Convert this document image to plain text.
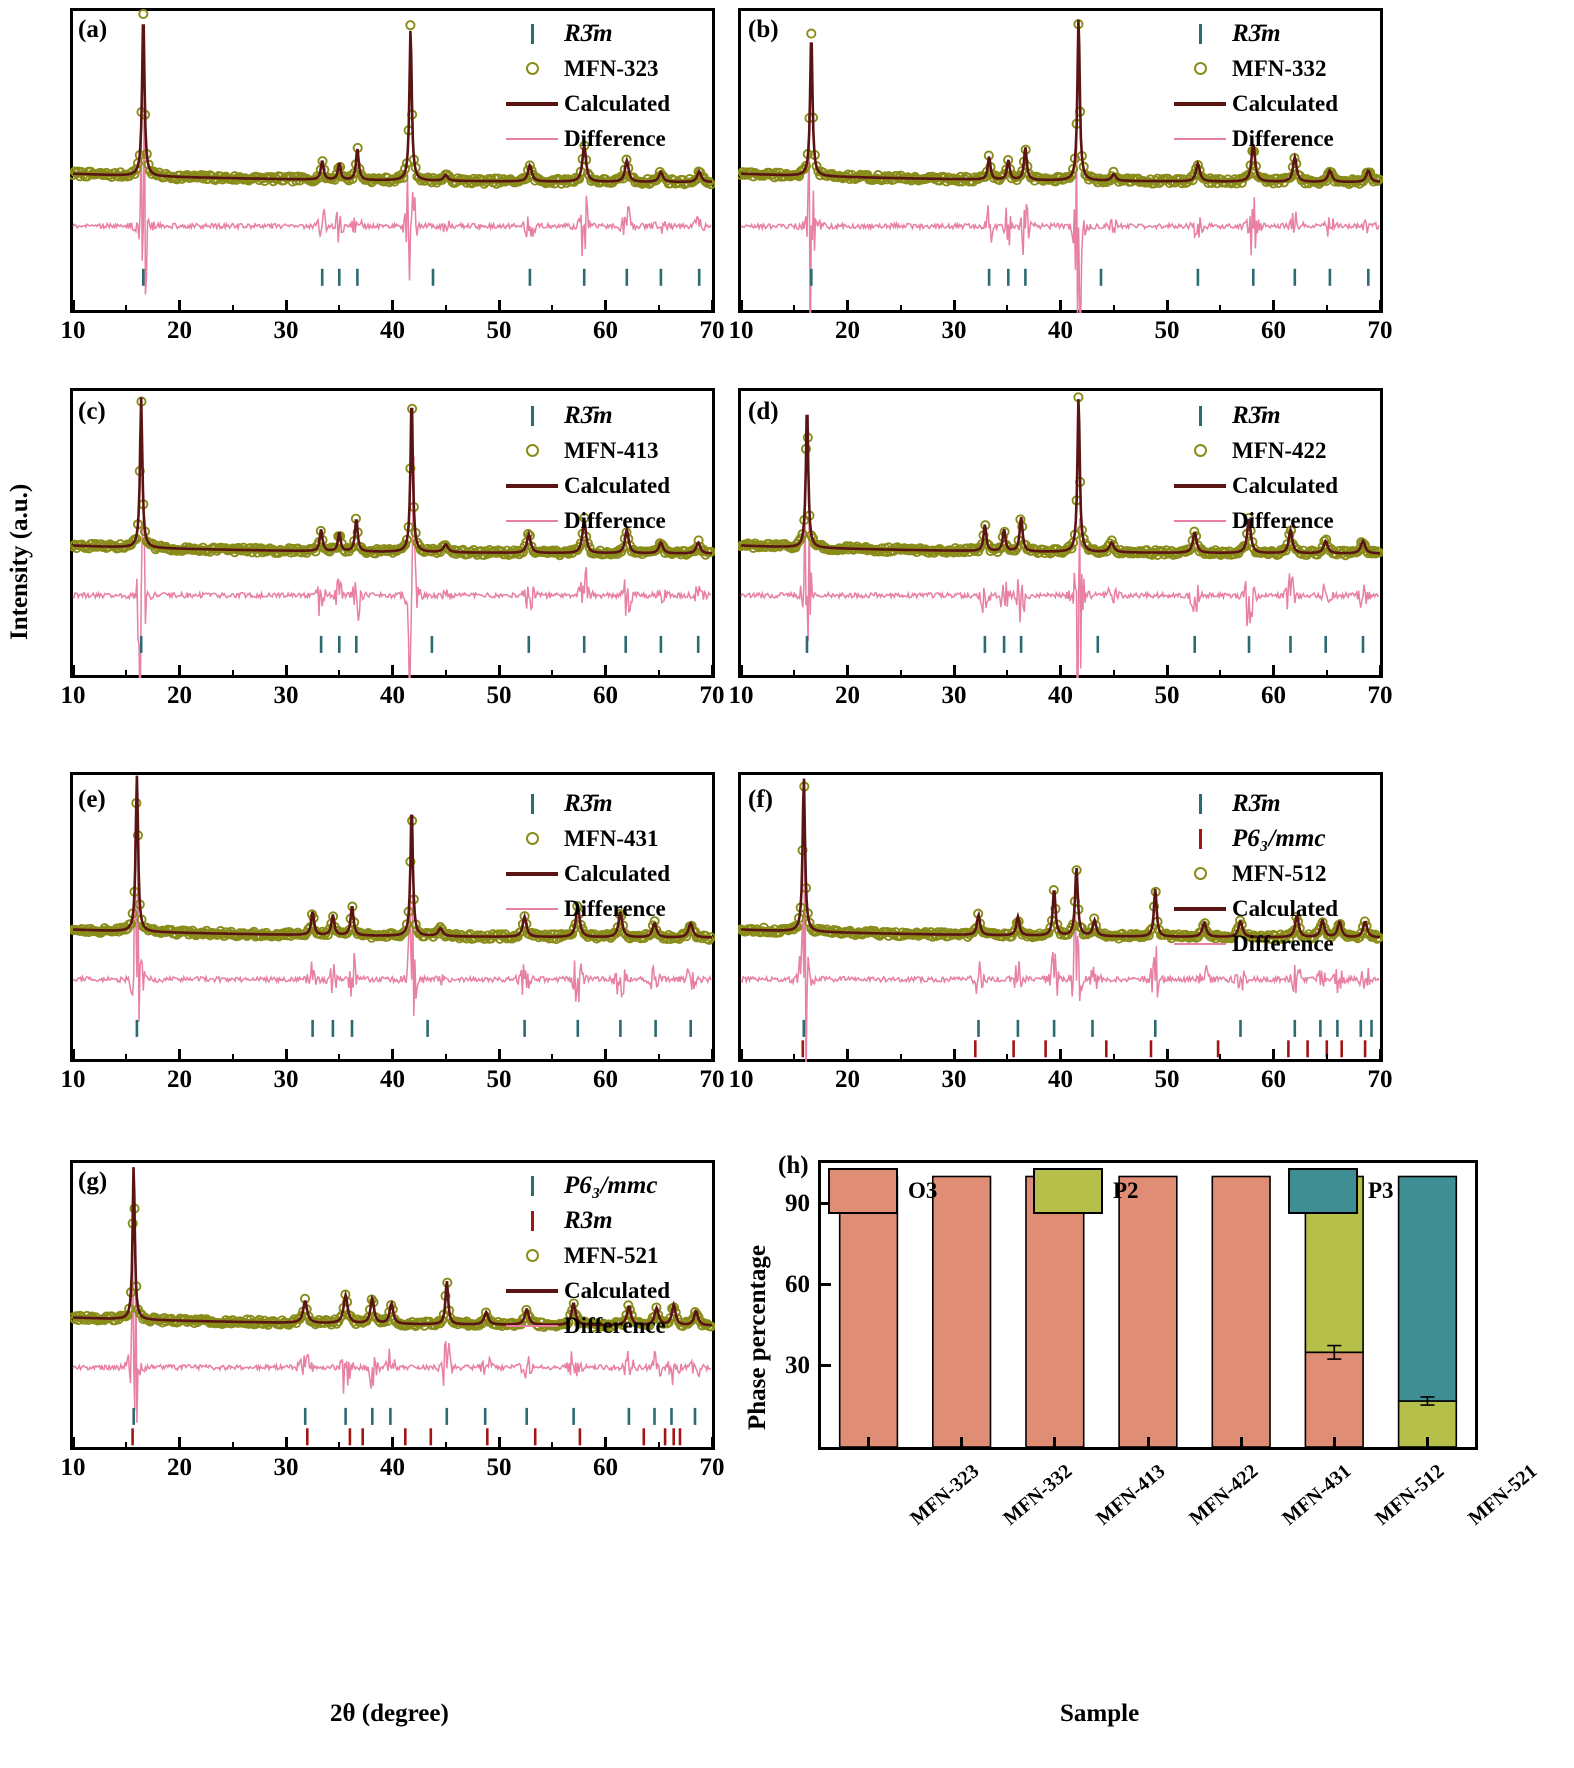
Intensity (a.u.)
2θ (degree)
(h)
Phase percentage
Sample
30
60
90
MFN-323 MFN-332 MFN-413 MFN-422 MFN-431 MFN-512 MFN-521
O3	P2	P3
10	20	30	40	50	60	70
(a)	R3̄m
MFN-323
Calculated
Difference
10	20	30	40	50	60	70
(b)	R3̄m
MFN-332
Calculated
Difference
10	20	30	40	50	60	70
(c)	R3̄m
MFN-413
Calculated
Difference
10	20	30	40	50	60	70
(d)	R3̄m
MFN-422
Calculated
Difference
10	20	30	40	50	60	70
(e)	R3̄m
MFN-431
Calculated
Difference
10	20	30	40	50	60	70
(f)	R3̄m
P6₃/mmc
MFN-512
Calculated
Difference
10	20	30	40	50	60	70
(g)	P6₃/mmc
R3m
MFN-521
Calculated
Difference
